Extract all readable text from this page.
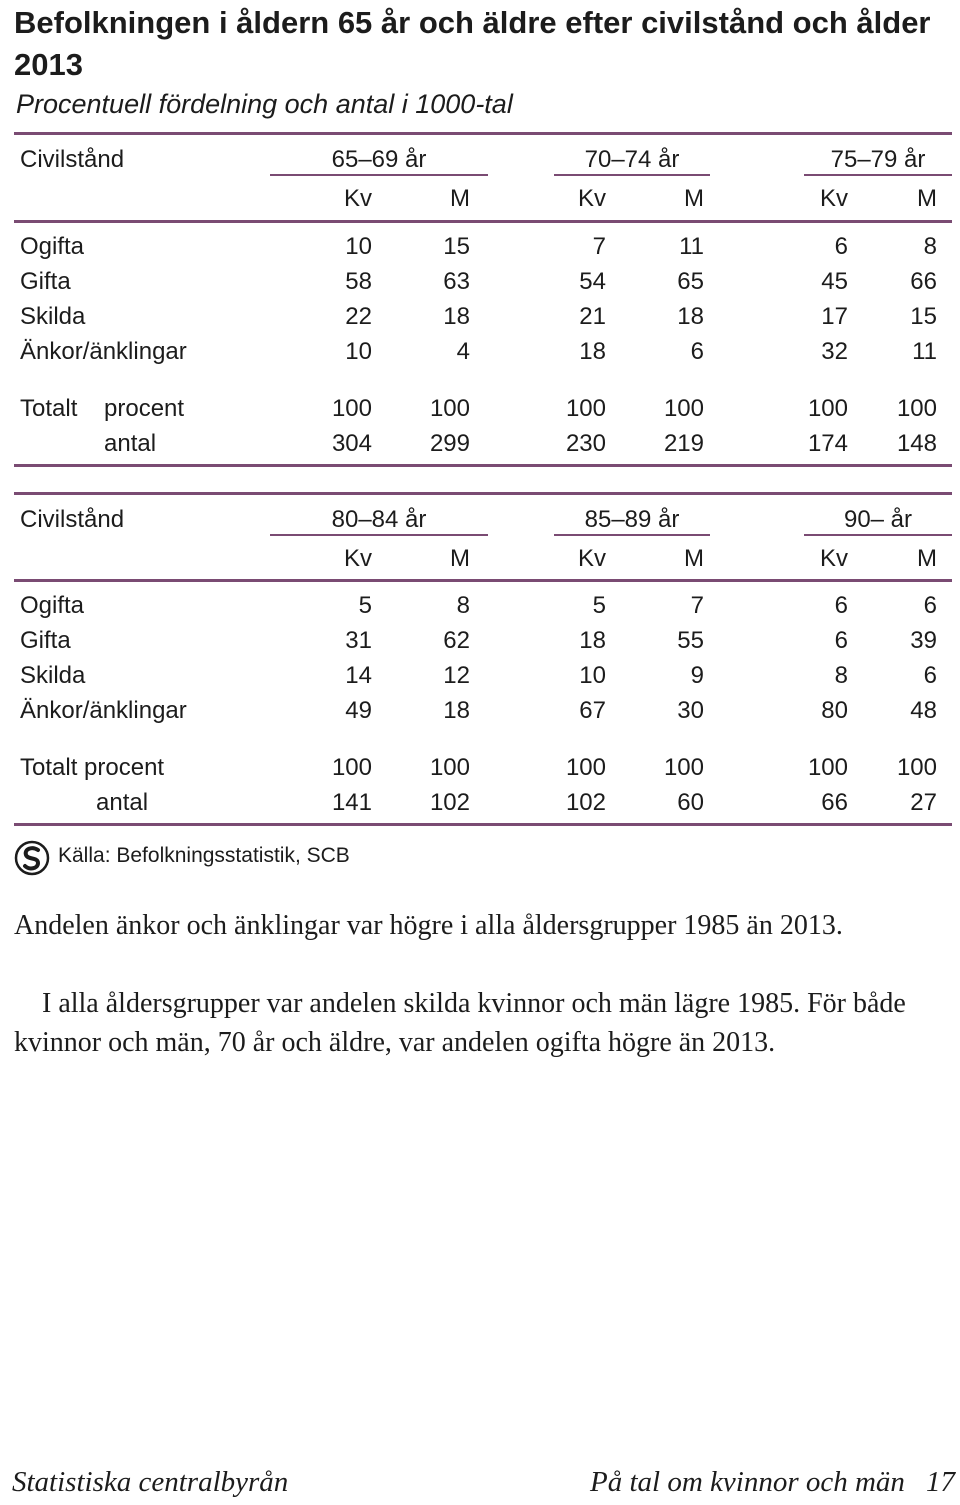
Befolkningen i åldern 65 år och äldre efter civilstånd och ålder 2013
Procentuell fördelning och antal i 1000-tal
Civilstånd	65–69 år	70–74 år	75–79 år
Kv	M	Kv	M	Kv	M
Ogifta	10	15	7	11	6	8
Gifta	58	63	54	65	45	66
Skilda	22	18	21	18	17	15
Änkor/änklingar	10	4	18	6	32	11
Totalt procent	100	100	100	100	100	100
antal	304	299	230	219	174	148
Civilstånd	80–84 år	85–89 år	90– år
Kv	M	Kv	M	Kv	M
Ogifta	5	8	5	7	6	6
Gifta	31	62	18	55	6	39
Skilda	14	12	10	9	8	6
Änkor/änklingar	49	18	67	30	80	48
Totalt procent	100	100	100	100	100	100
antal	141	102	102	60	66	27
Källa: Befolkningsstatistik, SCB
Andelen änkor och änklingar var högre i alla åldersgrupper 1985 än 2013.
I alla åldersgrupper var andelen skilda kvinnor och män lägre 1985. För både kvinnor och män, 70 år och äldre, var andelen ogifta högre än 2013.
Statistiska centralbyrån	På tal om kvinnor och män 17
